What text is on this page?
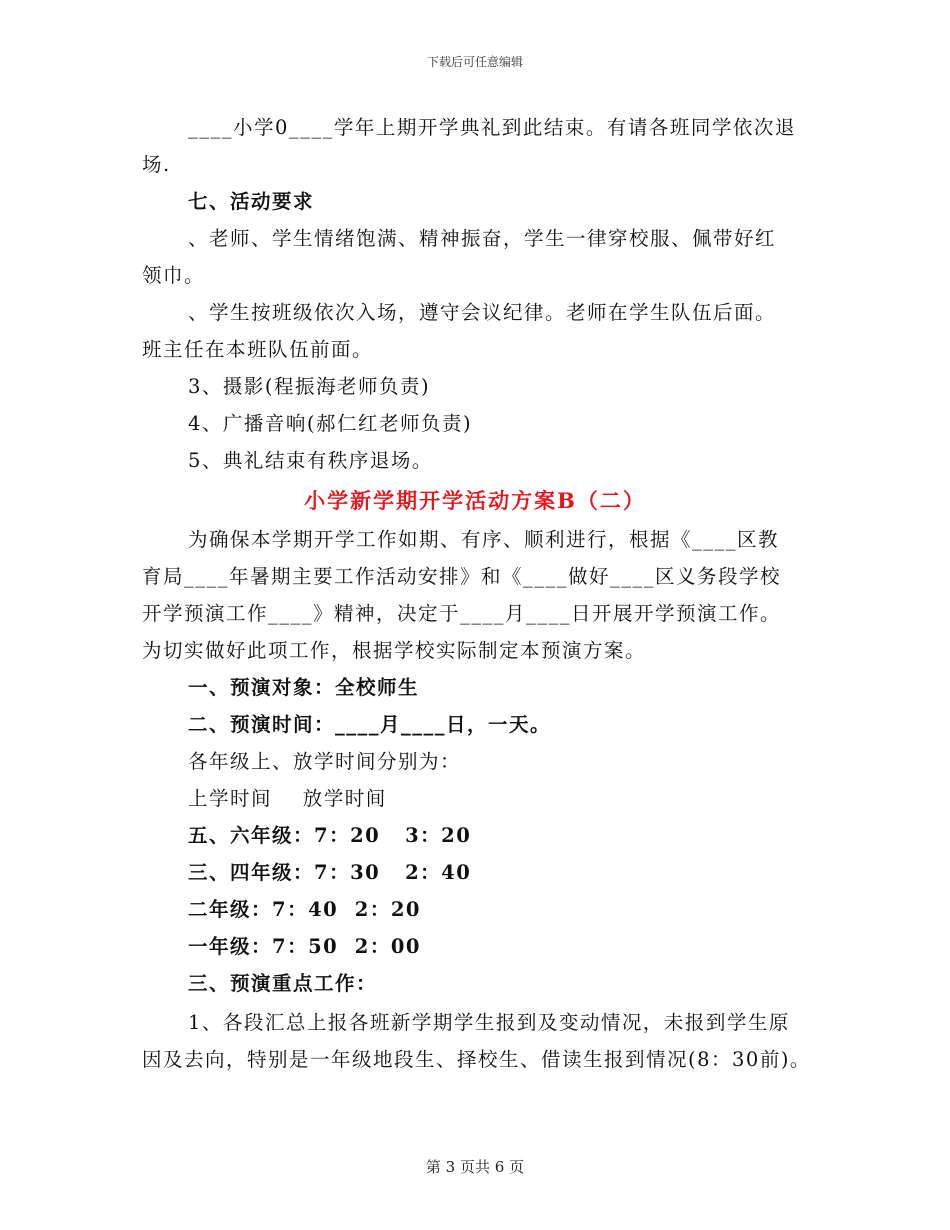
下载后可任意编辑
____小学0____学年上期开学典礼到此结束。有请各班同学依次退
场.
七、活动要求
、老师、学生情绪饱满、精神振奋，学生一律穿校服、佩带好红
领巾。
、学生按班级依次入场，遵守会议纪律。老师在学生队伍后面。
班主任在本班队伍前面。
3、摄影(程振海老师负责)
4、广播音响(郝仁红老师负责)
5、典礼结束有秩序退场。
小学新学期开学活动方案B（二）
为确保本学期开学工作如期、有序、顺利进行，根据《____区教
育局____年暑期主要工作活动安排》和《____做好____区义务段学校
开学预演工作____》精神，决定于____月____日开展开学预演工作。
为切实做好此项工作，根据学校实际制定本预演方案。
一、预演对象：全校师生
二、预演时间：____月____日，一天。
各年级上、放学时间分别为：
上学时间    放学时间
五、六年级：7：20   3：20
三、四年级：7：30   2：40
二年级：7：40  2：20
一年级：7：50  2：00
三、预演重点工作：
1、各段汇总上报各班新学期学生报到及变动情况，未报到学生原
因及去向，特别是一年级地段生、择校生、借读生报到情况(8：30前)。
第 3 页共 6 页
